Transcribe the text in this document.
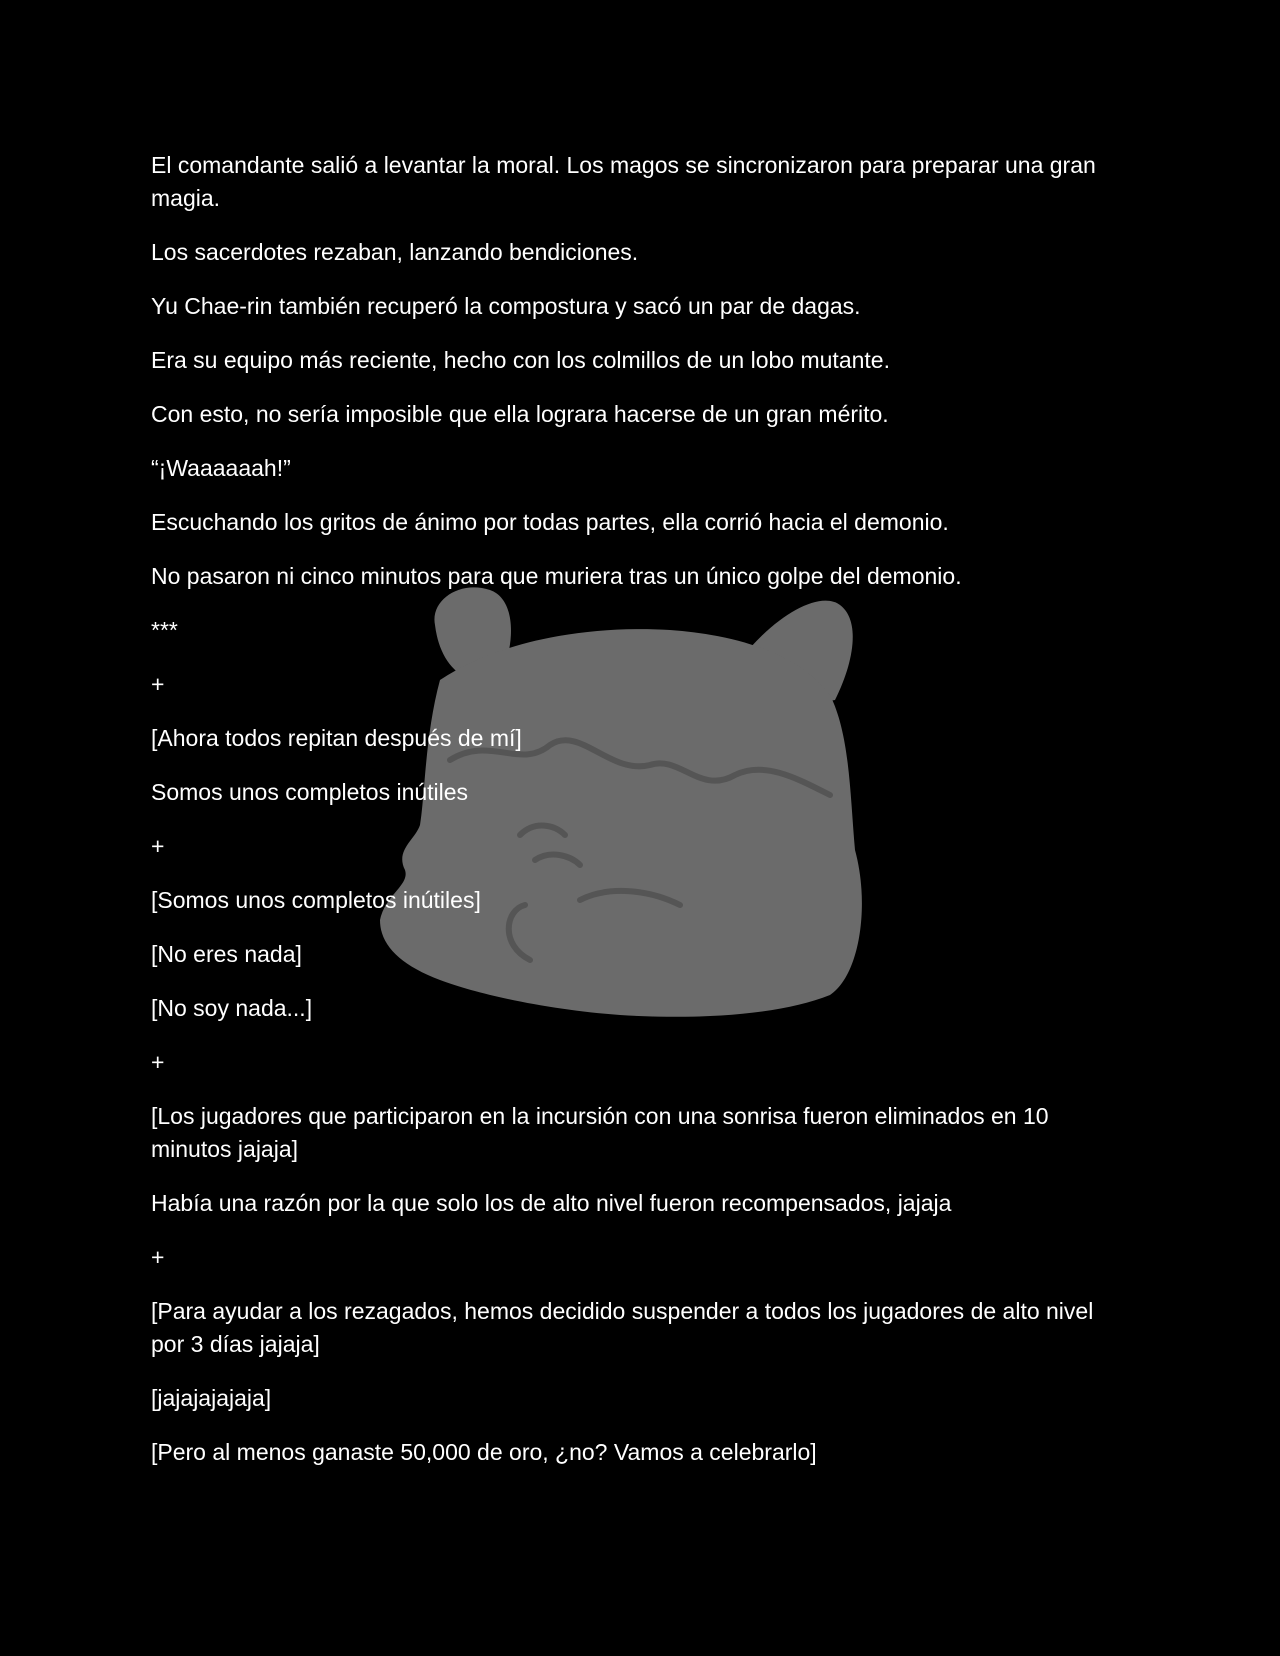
El comandante salió a levantar la moral. Los magos se sincronizaron para preparar una gran magia.

Los sacerdotes rezaban, lanzando bendiciones.

Yu Chae-rin también recuperó la compostura y sacó un par de dagas.

Era su equipo más reciente, hecho con los colmillos de un lobo mutante.

Con esto, no sería imposible que ella lograra hacerse de un gran mérito.

“¡Waaaaaah!”

Escuchando los gritos de ánimo por todas partes, ella corrió hacia el demonio.

No pasaron ni cinco minutos para que muriera tras un único golpe del demonio.

***

+

[Ahora todos repitan después de mí]

Somos unos completos inútiles

+

[Somos unos completos inútiles]

[No eres nada]

[No soy nada...]

+

[Los jugadores que participaron en la incursión con una sonrisa fueron eliminados en 10 minutos jajaja]

Había una razón por la que solo los de alto nivel fueron recompensados, jajaja

+

[Para ayudar a los rezagados, hemos decidido suspender a todos los jugadores de alto nivel por 3 días jajaja]

[jajajajajaja]

[Pero al menos ganaste 50,000 de oro, ¿no? Vamos a celebrarlo]
